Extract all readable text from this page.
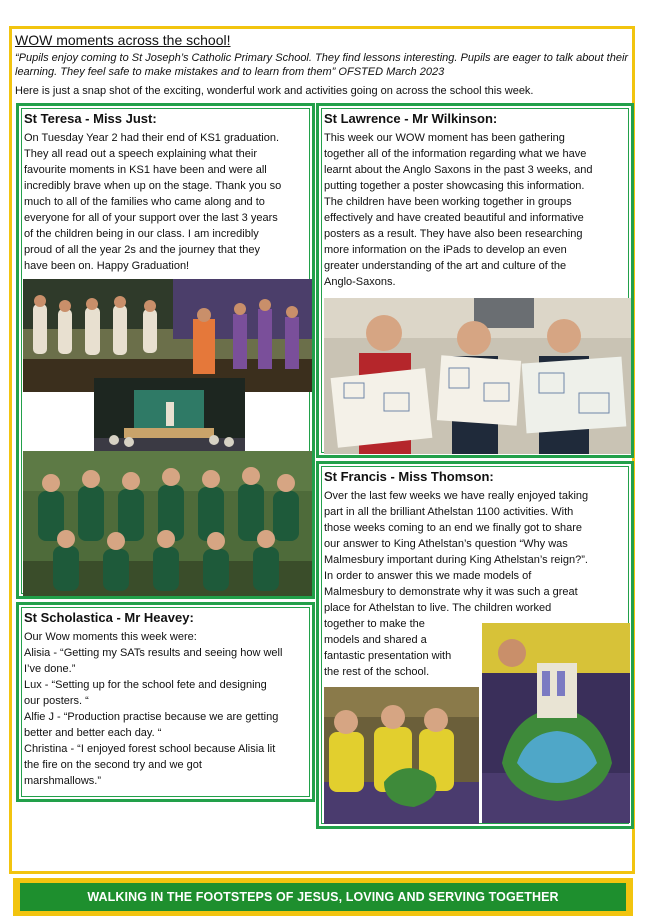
WOW moments across the school!
“Pupils enjoy coming to St Joseph’s Catholic Primary School. They find lessons interesting. Pupils are eager to talk about their learning. They feel safe to make mistakes and to learn from them” OFSTED March 2023
Here is just a snap shot of the exciting, wonderful work and activities going on across the school this week.
St Teresa - Miss Just:
On Tuesday Year 2 had their end of KS1 graduation.
They all read out a speech explaining what their
favourite moments in KS1 have been and were all
incredibly brave when up on the stage. Thank you so
much to all of the families who came along and to
everyone for all of your support over the last 3 years
of the children being in our class. I am incredibly
proud of all the year 2s and the journey that they
have been on. Happy Graduation!
St Lawrence - Mr Wilkinson:
This week our WOW moment has been gathering
together all of the information regarding what we have
learnt about the Anglo Saxons in the past 3 weeks, and
putting together a poster showcasing this information.
The children have been working together in groups
effectively and have created beautiful and informative
posters as a result. They have also been researching
more information on the iPads to develop an even
greater understanding of the art and culture of the
Anglo-Saxons.
St Francis - Miss Thomson:
Over the last few weeks we have really enjoyed taking
part in all the brilliant Athelstan 1100 activities. With
those weeks coming to an end we finally got to share
our answer to King Athelstan’s question “Why was
Malmesbury important during King Athelstan’s reign?”.
In order to answer this we made models of
Malmesbury to demonstrate why it was such a great
place for Athelstan to live. The children worked
together to make the
models and shared a
fantastic presentation with
the rest of the school.
St Scholastica - Mr Heavey:
Our Wow moments this week were:
Alisia - “Getting my SATs results and seeing how well
I’ve done.”
Lux - “Setting up for the school fete and designing
our posters. “
Alfie J - “Production practise because we are getting
better and better each day. “
Christina - “I enjoyed forest school because Alisia lit
the fire on the second try and we got
marshmallows.”
WALKING IN THE FOOTSTEPS OF JESUS, LOVING AND SERVING TOGETHER
